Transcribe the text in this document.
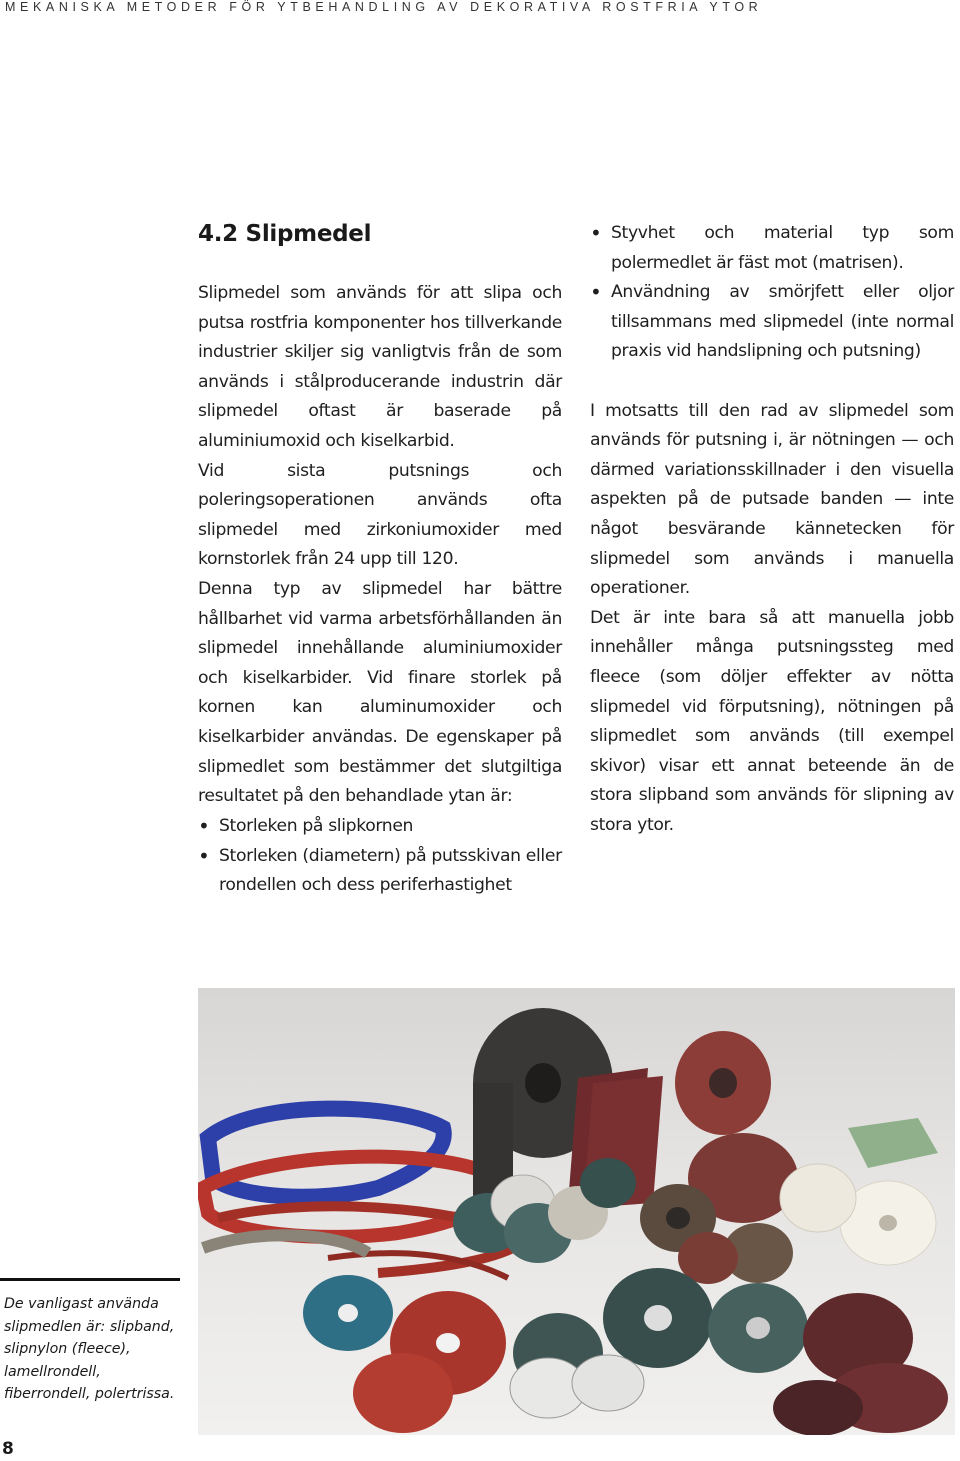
MEKANISKA METODER FÖR YTBEHANDLING AV DEKORATIVA ROSTFRIA YTOR
4.2 Slipmedel

Slipmedel som används för att slipa och putsa rostfria komponenter hos tillverkande industrier skiljer sig vanligtvis från de som används i stålproducerande industrin där slipmedel oftast är baserade på aluminiumoxid och kiselkarbid.

Vid sista putsnings och poleringsoperationen används ofta slipmedel med zirkoniumoxider med kornstorlek från 24 upp till 120.

Denna typ av slipmedel har bättre hållbarhet vid varma arbetsförhållanden än slipmedel innehållande aluminiumoxider och kiselkarbider. Vid finare storlek på kornen kan aluminumoxider och kiselkarbider användas. De egenskaper på slipmedlet som bestämmer det slutgiltiga resultatet på den behandlade ytan är:

• Storleken på slipkornen
• Storleken (diametern) på putsskivan eller rondellen och dess periferhastighet
• Styvhet och material typ som polermedlet är fäst mot (matrisen).
• Användning av smörjfett eller oljor tillsammans med slipmedel (inte normal praxis vid handslipning och putsning)

I motsatts till den rad av slipmedel som används för putsning i, är nötningen — och därmed variationsskillnader i den visuella aspekten på de putsade banden — inte något besvärande kännetecken för slipmedel som används i manuella operationer.

Det är inte bara så att manuella jobb innehåller många putsningssteg med fleece (som döljer effekter av nötta slipmedel vid förputsning), nötningen på slipmedlet som används (till exempel skivor) visar ett annat beteende än de stora slipband som används för slipning av stora ytor.

De vanligast använda slipmedlen är: slipband, slipnylon (fleece), lamellrondell, fiberrondell, polertrissa.
8
